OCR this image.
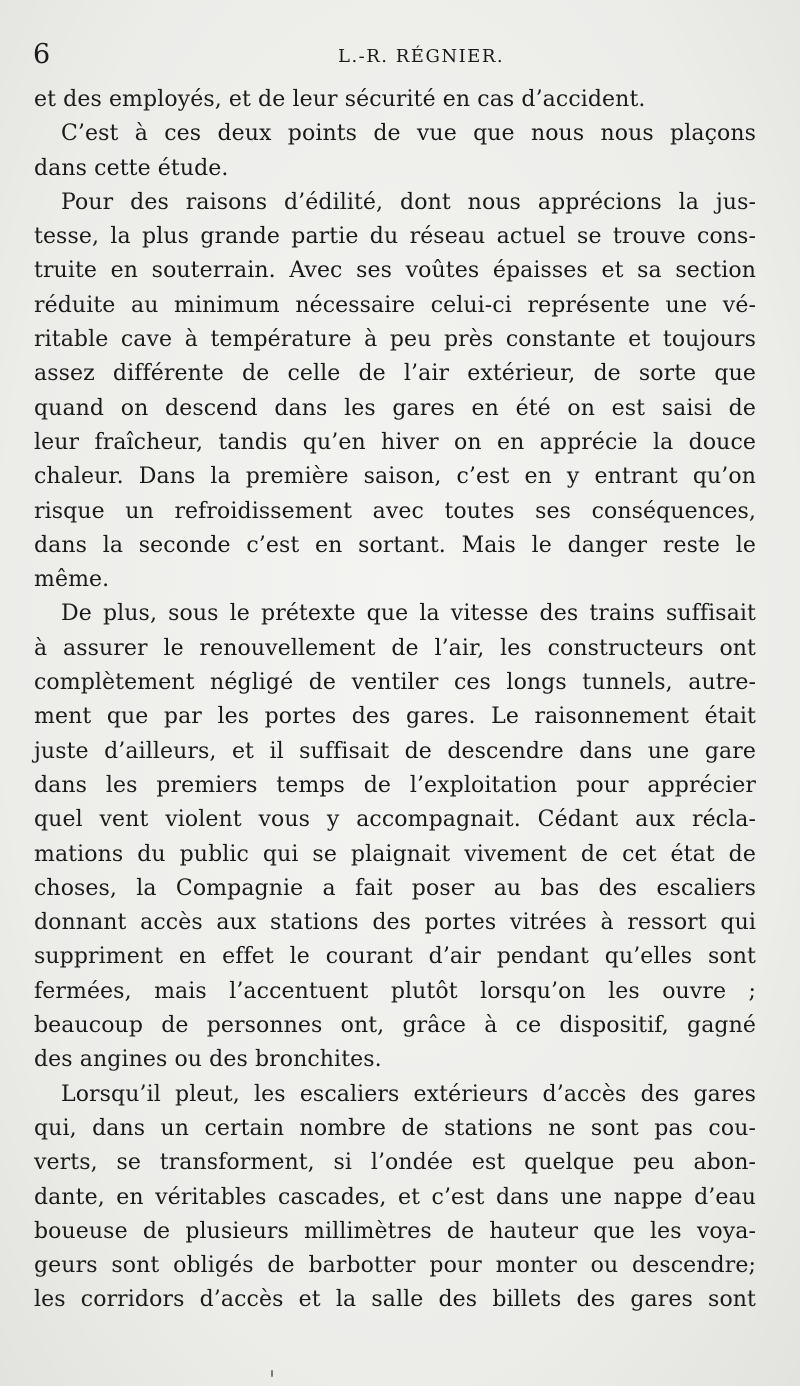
6	L.-R. RÉGNIER.
et des employés, et de leur sécurité en cas d’accident.
C’est à ces deux points de vue que nous nous plaçons
dans cette étude.
Pour des raisons d’édilité, dont nous apprécions la jus-
tesse, la plus grande partie du réseau actuel se trouve cons-
truite en souterrain. Avec ses voûtes épaisses et sa section
réduite au minimum nécessaire celui-ci représente une vé-
ritable cave à température à peu près constante et toujours
assez différente de celle de l’air extérieur, de sorte que
quand on descend dans les gares en été on est saisi de
leur fraîcheur, tandis qu’en hiver on en apprécie la douce
chaleur. Dans la première saison, c’est en y entrant qu’on
risque un refroidissement avec toutes ses conséquences,
dans la seconde c’est en sortant. Mais le danger reste le
même.
De plus, sous le prétexte que la vitesse des trains suffisait
à assurer le renouvellement de l’air, les constructeurs ont
complètement négligé de ventiler ces longs tunnels, autre-
ment que par les portes des gares. Le raisonnement était
juste d’ailleurs, et il suffisait de descendre dans une gare
dans les premiers temps de l’exploitation pour apprécier
quel vent violent vous y accompagnait. Cédant aux récla-
mations du public qui se plaignait vivement de cet état de
choses, la Compagnie a fait poser au bas des escaliers
donnant accès aux stations des portes vitrées à ressort qui
suppriment en effet le courant d’air pendant qu’elles sont
fermées, mais l’accentuent plutôt lorsqu’on les ouvre ;
beaucoup de personnes ont, grâce à ce dispositif, gagné
des angines ou des bronchites.
Lorsqu’il pleut, les escaliers extérieurs d’accès des gares
qui, dans un certain nombre de stations ne sont pas cou-
verts, se transforment, si l’ondée est quelque peu abon-
dante, en véritables cascades, et c’est dans une nappe d’eau
boueuse de plusieurs millimètres de hauteur que les voya-
geurs sont obligés de barbotter pour monter ou descendre;
les corridors d’accès et la salle des billets des gares sont
